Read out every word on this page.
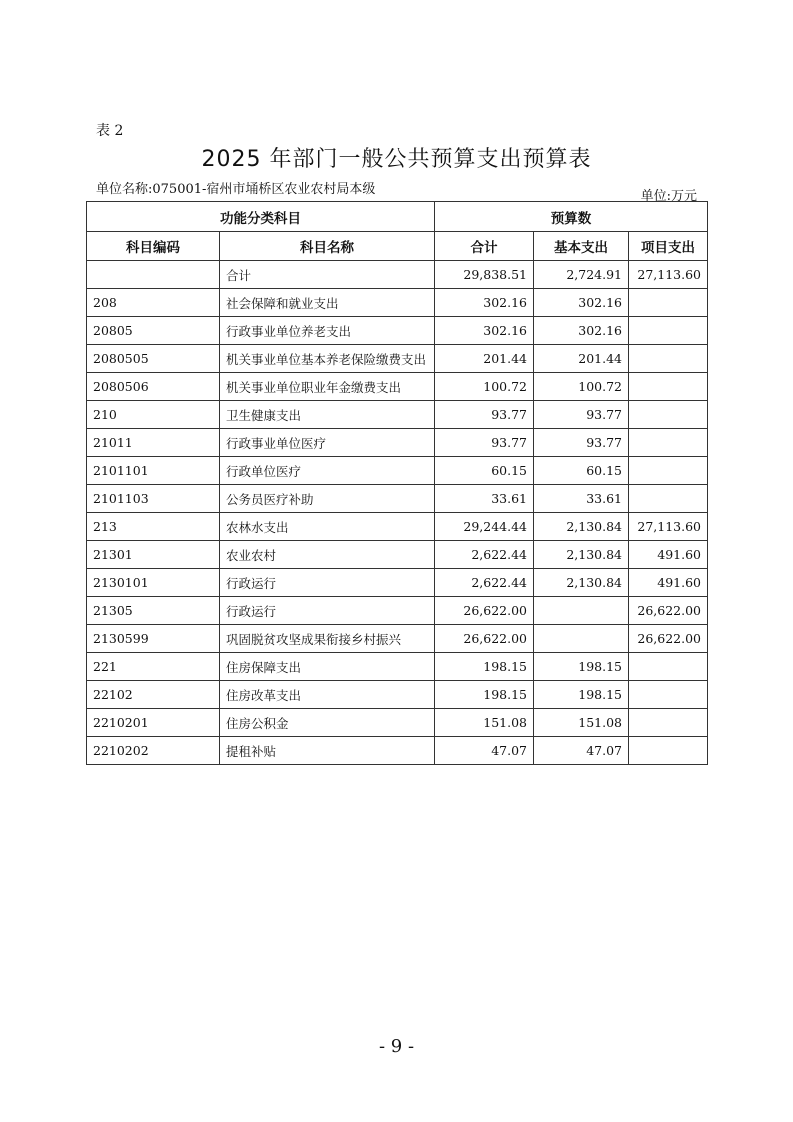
表 2
2025 年部门一般公共预算支出预算表
单位名称:075001-宿州市埇桥区农业农村局本级	单位:万元
功能分类科目		预算数		
科目编码	科目名称	合计	基本支出	项目支出
	合计	29,838.51	2,724.91	27,113.60
208	社会保障和就业支出	302.16	302.16	
20805	行政事业单位养老支出	302.16	302.16	
2080505	机关事业单位基本养老保险缴费支出	201.44	201.44	
2080506	机关事业单位职业年金缴费支出	100.72	100.72	
210	卫生健康支出	93.77	93.77	
21011	行政事业单位医疗	93.77	93.77	
2101101	行政单位医疗	60.15	60.15	
2101103	公务员医疗补助	33.61	33.61	
213	农林水支出	29,244.44	2,130.84	27,113.60
21301	农业农村	2,622.44	2,130.84	491.60
2130101	行政运行	2,622.44	2,130.84	491.60
21305	行政运行	26,622.00		26,622.00
2130599	巩固脱贫攻坚成果衔接乡村振兴	26,622.00		26,622.00
221	住房保障支出	198.15	198.15	
22102	住房改革支出	198.15	198.15	
2210201	住房公积金	151.08	151.08	
2210202	提租补贴	47.07	47.07	
- 9 -
